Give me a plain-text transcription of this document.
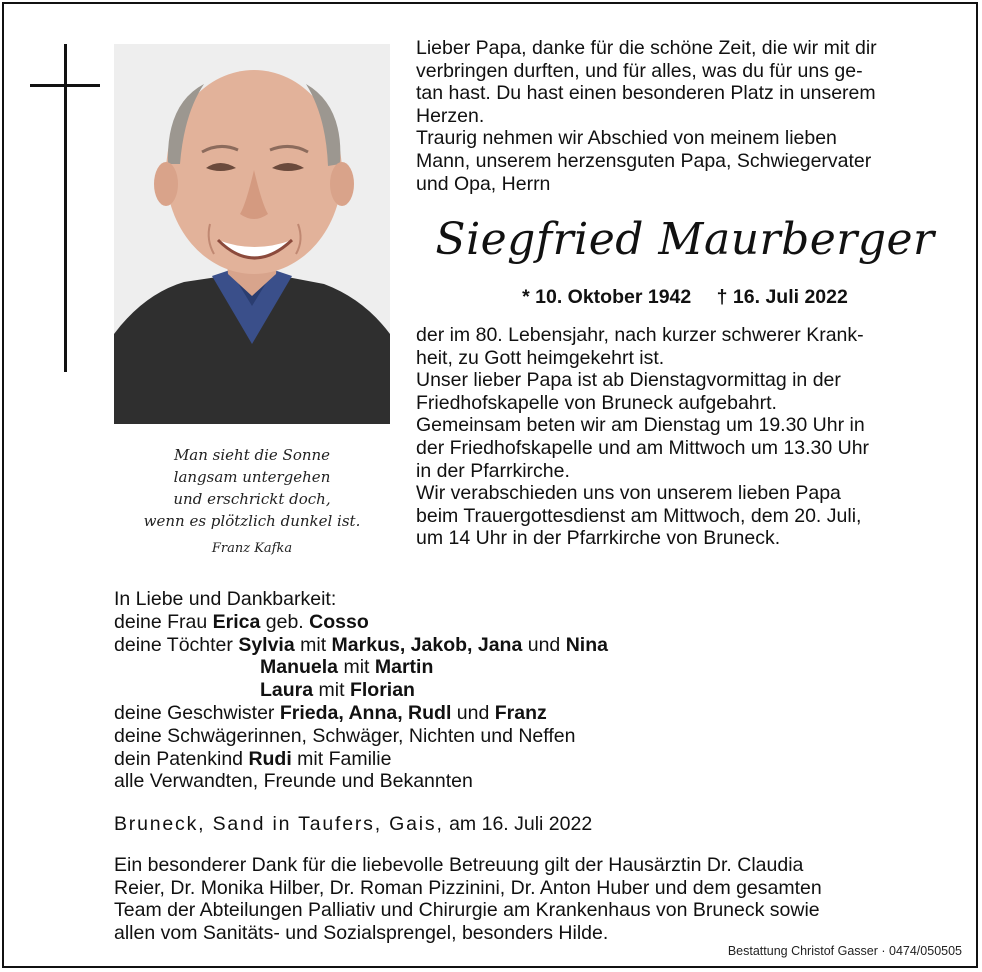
Man sieht die Sonne
langsam untergehen
und erschrickt doch,
wenn es plötzlich dunkel ist.
Franz Kafka
Lieber Papa, danke für die schöne Zeit, die wir mit dir
verbringen durften, und für alles, was du für uns ge-
tan hast. Du hast einen besonderen Platz in unserem
Herzen.
Traurig nehmen wir Abschied von meinem lieben
Mann, unserem herzensguten Papa, Schwiegervater
und Opa, Herrn
Siegfried Maurberger
* 10. Oktober 1942 † 16. Juli 2022
der im 80. Lebensjahr, nach kurzer schwerer Krank-
heit, zu Gott heimgekehrt ist.
Unser lieber Papa ist ab Dienstagvormittag in der
Friedhofskapelle von Bruneck aufgebahrt.
Gemeinsam beten wir am Dienstag um 19.30 Uhr in
der Friedhofskapelle und am Mittwoch um 13.30 Uhr
in der Pfarrkirche.
Wir verabschieden uns von unserem lieben Papa
beim Trauergottesdienst am Mittwoch, dem 20. Juli,
um 14 Uhr in der Pfarrkirche von Bruneck.
In Liebe und Dankbarkeit:
deine Frau Erica geb. Cosso
deine Töchter Sylvia mit Markus, Jakob, Jana und Nina
Manuela mit Martin
Laura mit Florian
deine Geschwister Frieda, Anna, Rudl und Franz
deine Schwägerinnen, Schwäger, Nichten und Neffen
dein Patenkind Rudi mit Familie
alle Verwandten, Freunde und Bekannten
Bruneck, Sand in Taufers, Gais, am 16. Juli 2022
Ein besonderer Dank für die liebevolle Betreuung gilt der Hausärztin Dr. Claudia
Reier, Dr. Monika Hilber, Dr. Roman Pizzinini, Dr. Anton Huber und dem gesamten
Team der Abteilungen Palliativ und Chirurgie am Krankenhaus von Bruneck sowie
allen vom Sanitäts- und Sozialsprengel, besonders Hilde.
Bestattung Christof Gasser · 0474/050505
